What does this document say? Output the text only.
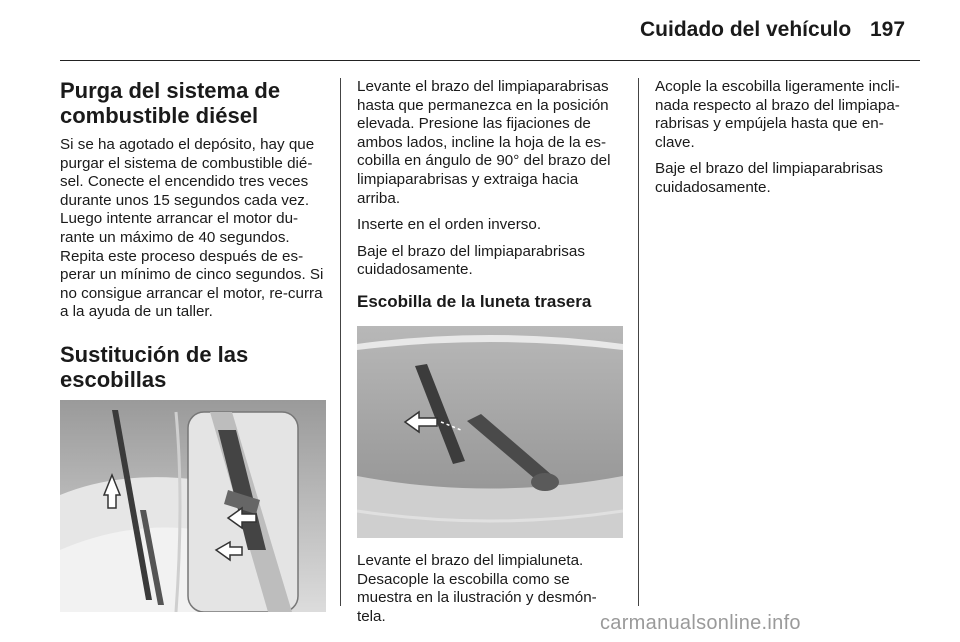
Cuidado del vehículo 197
Purga del sistema de combustible diésel

Si se ha agotado el depósito, hay que purgar el sistema de combustible dié-sel. Conecte el encendido tres veces durante unos 15 segundos cada vez. Luego intente arrancar el motor du-rante un máximo de 40 segundos. Repita este proceso después de es-perar un mínimo de cinco segundos. Si no consigue arrancar el motor, re-curra a la ayuda de un taller.

Sustitución de las escobillas

Levante el brazo del limpiaparabrisas hasta que permanezca en la posición elevada. Presione las fijaciones de ambos lados, incline la hoja de la es-cobilla en ángulo de 90° del brazo del limpiaparabrisas y extraiga hacia arriba.

Inserte en el orden inverso.

Baje el brazo del limpiaparabrisas cuidadosamente.

Escobilla de la luneta trasera

Levante el brazo del limpialuneta. Desacople la escobilla como se muestra en la ilustración y desmón-tela.

Acople la escobilla ligeramente incli-nada respecto al brazo del limpiapa-rabrisas y empújela hasta que en-clave.

Baje el brazo del limpiaparabrisas cuidadosamente.

carmanualsonline.info
